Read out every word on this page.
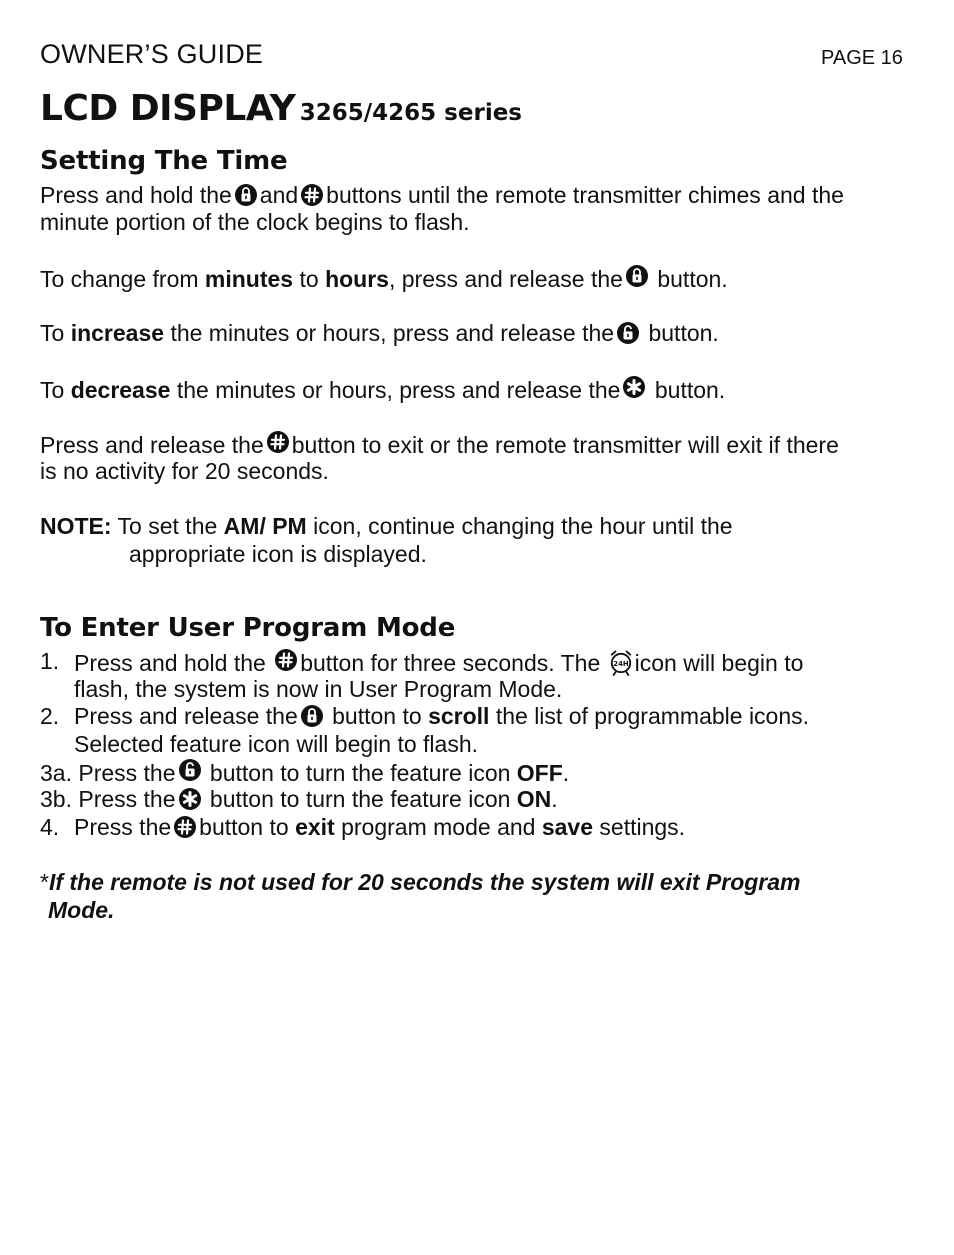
OWNER’S GUIDE	PAGE 16
LCD DISPLAY 3265/4265 series
Setting The Time
Press and hold the and buttons until the remote transmitter chimes and the
minute portion of the clock begins to flash.
To change from minutes to hours, press and release the button.
To increase the minutes or hours, press and release the button.
To decrease the minutes or hours, press and release the button.
Press and release the button to exit or the remote transmitter will exit if there
is no activity for 20 seconds.
NOTE: To set the AM/ PM icon, continue changing the hour until the
appropriate icon is displayed.
To Enter User Program Mode
1. Press and hold the button for three seconds. The icon will begin to
flash, the system is now in User Program Mode.
2. Press and release the button to scroll the list of programmable icons.
Selected feature icon will begin to flash.
3a. Press the button to turn the feature icon OFF.
3b. Press the button to turn the feature icon ON.
4. Press the button to exit program mode and save settings.
*If the remote is not used for 20 seconds the system will exit Program
Mode.
